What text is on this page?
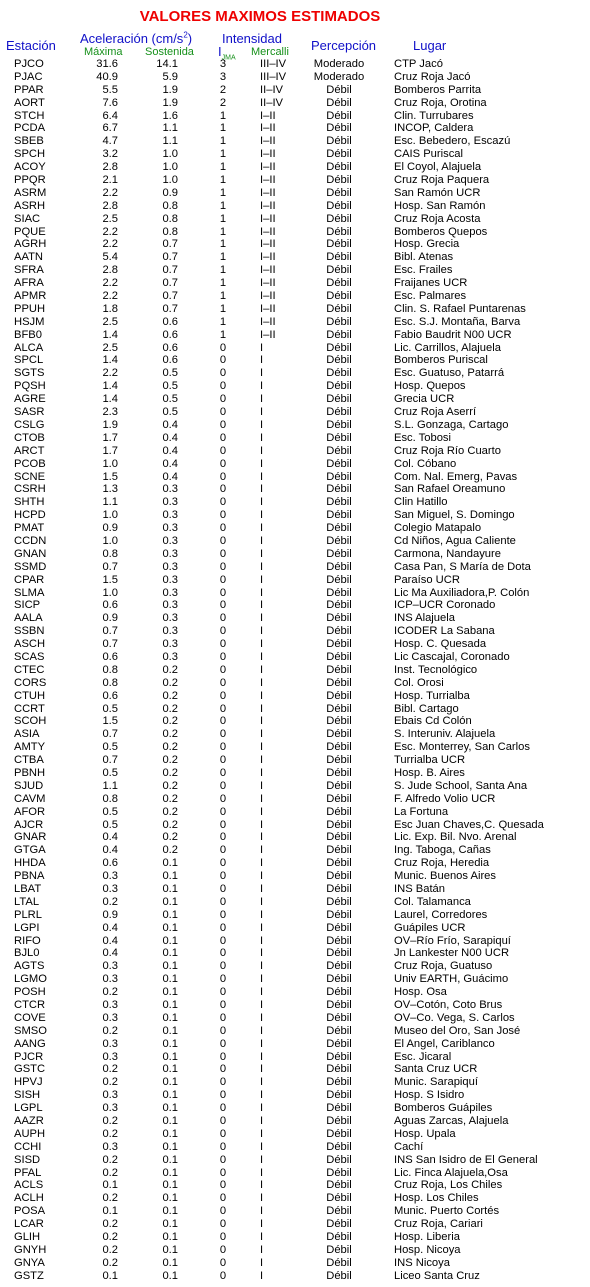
VALORES MAXIMOS ESTIMADOS
Estación Aceleración $(cm/s^2)$
Máxima Sostenida
Intensidad
$I_{JMA}$
Mercalli Percepción	Lugar
PJCO	31.6	14.1	3	III–IV	Moderado	CTP Jacó
PJAC	40.9	5.9	3	III–IV	Moderado	Cruz Roja Jacó
PPAR	5.5	1.9	2	II–IV	Débil	Bomberos Parrita
AORT	7.6	1.9	2	II–IV	Débil	Cruz Roja, Orotina
STCH	6.4	1.6	1	I–II	Débil	Clin. Turrubares
PCDA	6.7	1.1	1	I–II	Débil	INCOP, Caldera
SBEB	4.7	1.1	1	I–II	Débil	Esc. Bebedero, Escazú
SPCH	3.2	1.0	1	I–II	Débil	CAIS Puriscal
ACOY	2.8	1.0	1	I–II	Débil	El Coyol, Alajuela
PPQR	2.1	1.0	1	I–II	Débil	Cruz Roja Paquera
ASRM	2.2	0.9	1	I–II	Débil	San Ramón UCR
ASRH	2.8	0.8	1	I–II	Débil	Hosp. San Ramón
SIAC	2.5	0.8	1	I–II	Débil	Cruz Roja Acosta
PQUE	2.2	0.8	1	I–II	Débil	Bomberos Quepos
AGRH	2.2	0.7	1	I–II	Débil	Hosp. Grecia
AATN	5.4	0.7	1	I–II	Débil	Bibl. Atenas
SFRA	2.8	0.7	1	I–II	Débil	Esc. Frailes
AFRA	2.2	0.7	1	I–II	Débil	Fraijanes UCR
APMR	2.2	0.7	1	I–II	Débil	Esc. Palmares
PPUH	1.8	0.7	1	I–II	Débil	Clin. S. Rafael Puntarenas
HSJM	2.5	0.6	1	I–II	Débil	Esc. S.J. Montaña, Barva
BFB0	1.4	0.6	1	I–II	Débil	Fabio Baudrit N00 UCR
ALCA	2.5	0.6	0	I	Débil	Lic. Carrillos, Alajuela
SPCL	1.4	0.6	0	I	Débil	Bomberos Puriscal
SGTS	2.2	0.5	0	I	Débil	Esc. Guatuso, Patarrá
PQSH	1.4	0.5	0	I	Débil	Hosp. Quepos
AGRE	1.4	0.5	0	I	Débil	Grecia UCR
SASR	2.3	0.5	0	I	Débil	Cruz Roja Aserrí
CSLG	1.9	0.4	0	I	Débil	S.L. Gonzaga, Cartago
CTOB	1.7	0.4	0	I	Débil	Esc. Tobosi
ARCT	1.7	0.4	0	I	Débil	Cruz Roja Río Cuarto
PCOB	1.0	0.4	0	I	Débil	Col. Cóbano
SCNE	1.5	0.4	0	I	Débil	Com. Nal. Emerg, Pavas
CSRH	1.3	0.3	0	I	Débil	San Rafael Oreamuno
SHTH	1.1	0.3	0	I	Débil	Clin Hatillo
HCPD	1.0	0.3	0	I	Débil	San Miguel, S. Domingo
PMAT	0.9	0.3	0	I	Débil	Colegio Matapalo
CCDN	1.0	0.3	0	I	Débil	Cd Niños, Agua Caliente
GNAN	0.8	0.3	0	I	Débil	Carmona, Nandayure
SSMD	0.7	0.3	0	I	Débil	Casa Pan, S María de Dota
CPAR	1.5	0.3	0	I	Débil	Paraíso UCR
SLMA	1.0	0.3	0	I	Débil	Lic Ma Auxiliadora,P. Colón
SICP	0.6	0.3	0	I	Débil	ICP–UCR Coronado
AALA	0.9	0.3	0	I	Débil	INS Alajuela
SSBN	0.7	0.3	0	I	Débil	ICODER La Sabana
ASCH	0.7	0.3	0	I	Débil	Hosp. C. Quesada
SCAS	0.6	0.3	0	I	Débil	Lic Cascajal, Coronado
CTEC	0.8	0.2	0	I	Débil	Inst. Tecnológico
CORS	0.8	0.2	0	I	Débil	Col. Orosi
CTUH	0.6	0.2	0	I	Débil	Hosp. Turrialba
CCRT	0.5	0.2	0	I	Débil	Bibl. Cartago
SCOH	1.5	0.2	0	I	Débil	Ebais Cd Colón
ASIA	0.7	0.2	0	I	Débil	S. Interuniv. Alajuela
AMTY	0.5	0.2	0	I	Débil	Esc. Monterrey, San Carlos
CTBA	0.7	0.2	0	I	Débil	Turrialba UCR
PBNH	0.5	0.2	0	I	Débil	Hosp. B. Aires
SJUD	1.1	0.2	0	I	Débil	S. Jude School, Santa Ana
CAVM	0.8	0.2	0	I	Débil	F. Alfredo Volio UCR
AFOR	0.5	0.2	0	I	Débil	La Fortuna
AJCR	0.5	0.2	0	I	Débil	Esc Juan Chaves,C. Quesada
GNAR	0.4	0.2	0	I	Débil	Lic. Exp. Bil. Nvo. Arenal
GTGA	0.4	0.2	0	I	Débil	Ing. Taboga, Cañas
HHDA	0.6	0.1	0	I	Débil	Cruz Roja, Heredia
PBNA	0.3	0.1	0	I	Débil	Munic. Buenos Aires
LBAT	0.3	0.1	0	I	Débil	INS Batán
LTAL	0.2	0.1	0	I	Débil	Col. Talamanca
PLRL	0.9	0.1	0	I	Débil	Laurel, Corredores
LGPI	0.4	0.1	0	I	Débil	Guápiles UCR
RIFO	0.4	0.1	0	I	Débil	OV–Río Frío, Sarapiquí
BJL0	0.4	0.1	0	I	Débil	Jn Lankester N00 UCR
AGTS	0.3	0.1	0	I	Débil	Cruz Roja, Guatuso
LGMO	0.3	0.1	0	I	Débil	Univ EARTH, Guácimo
POSH	0.2	0.1	0	I	Débil	Hosp. Osa
CTCR	0.3	0.1	0	I	Débil	OV–Cotón, Coto Brus
COVE	0.3	0.1	0	I	Débil	OV–Co. Vega, S. Carlos
SMSO	0.2	0.1	0	I	Débil	Museo del Oro, San José
AANG	0.3	0.1	0	I	Débil	El Angel, Cariblanco
PJCR	0.3	0.1	0	I	Débil	Esc. Jicaral
GSTC	0.2	0.1	0	I	Débil	Santa Cruz UCR
HPVJ	0.2	0.1	0	I	Débil	Munic. Sarapiquí
SISH	0.3	0.1	0	I	Débil	Hosp. S Isidro
LGPL	0.3	0.1	0	I	Débil	Bomberos Guápiles
AAZR	0.2	0.1	0	I	Débil	Aguas Zarcas, Alajuela
AUPH	0.2	0.1	0	I	Débil	Hosp. Upala
CCHI	0.3	0.1	0	I	Débil	Cachí
SISD	0.2	0.1	0	I	Débil	INS San Isidro de El General
PFAL	0.2	0.1	0	I	Débil	Lic. Finca Alajuela,Osa
ACLS	0.1	0.1	0	I	Débil	Cruz Roja, Los Chiles
ACLH	0.2	0.1	0	I	Débil	Hosp. Los Chiles
POSA	0.1	0.1	0	I	Débil	Munic. Puerto Cortés
LCAR	0.2	0.1	0	I	Débil	Cruz Roja, Cariari
GLIH	0.2	0.1	0	I	Débil	Hosp. Liberia
GNYH	0.2	0.1	0	I	Débil	Hosp. Nicoya
GNYA	0.2	0.1	0	I	Débil	INS Nicoya
GSTZ	0.1	0.1	0	I	Débil	Liceo Santa Cruz
